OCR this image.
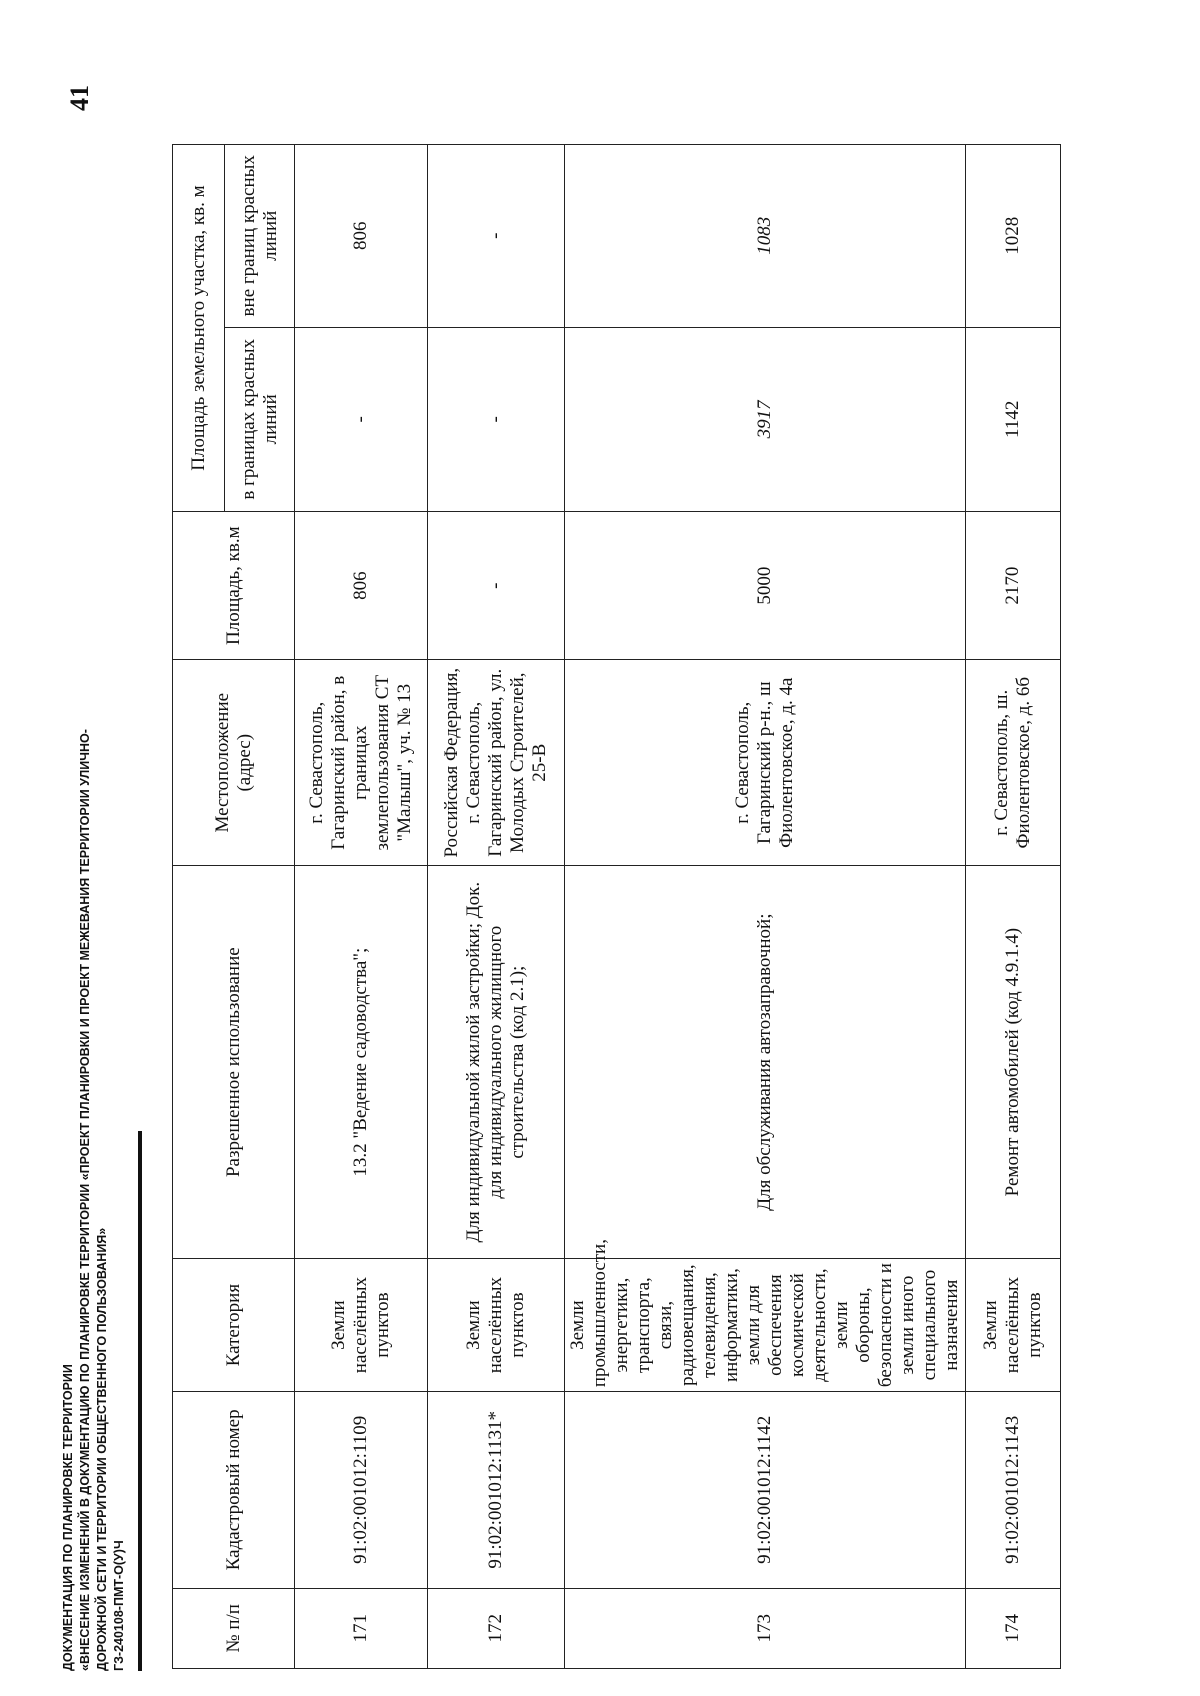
41
ДОКУМЕНТАЦИЯ ПО ПЛАНИРОВКЕ ТЕРРИТОРИИ «ВНЕСЕНИЕ ИЗМЕНЕНИЙ В ДОКУМЕНТАЦИЮ ПО ПЛАНИРОВКЕ ТЕРРИТОРИИ «ПРОЕКТ ПЛАНИРОВКИ И ПРОЕКТ МЕЖЕВАНИЯ ТЕРРИТОРИИ УЛИЧНО- ДОРОЖНОЙ СЕТИ И ТЕРРИТОРИИ ОБЩЕСТВЕННОГО ПОЛЬЗОВАНИЯ» ГЗ-240108-ПМТ-О(У)Ч	№ п/п	Кадастровый номер	Категория	Разрешенное использование	Местоположение (адрес)	Площадь, кв.м	Площадь земельного участка, кв. м	
						в границах красных линий	вне границ красных линий
171	91:02:001012:1109	Земли населённых пунктов	13.2 "Ведение садоводства";	г. Севастополь, Гагаринский район, в границах землепользования СТ "Малыш", уч. № 13	806	-	806
172	91:02:001012:1131*	Земли населённых пунктов	Для индивидуальной жилой застройки; Док. для индивидуального жилищного строительства (код 2.1);	Российская Федерация, г. Севастополь, Гагаринский район, ул. Молодых Строителей, 25-В	-	-	-
173	91:02:001012:1142	Земли промышленности, энергетики, транспорта, связи, радиовещания, телевидения, информатики, земли для обеспечения космической деятельности, земли обороны, безопасности и земли иного специального назначения	Для обслуживания автозаправочной;	г. Севастополь, Гагаринский р-н., ш Фиолентовское, д. 4а	5000	3917	1083
174	91:02:001012:1143	Земли населённых пунктов	Ремонт автомобилей (код 4.9.1.4)	г. Севастополь, ш. Фиолентовское, д. 6б	2170	1142	1028
